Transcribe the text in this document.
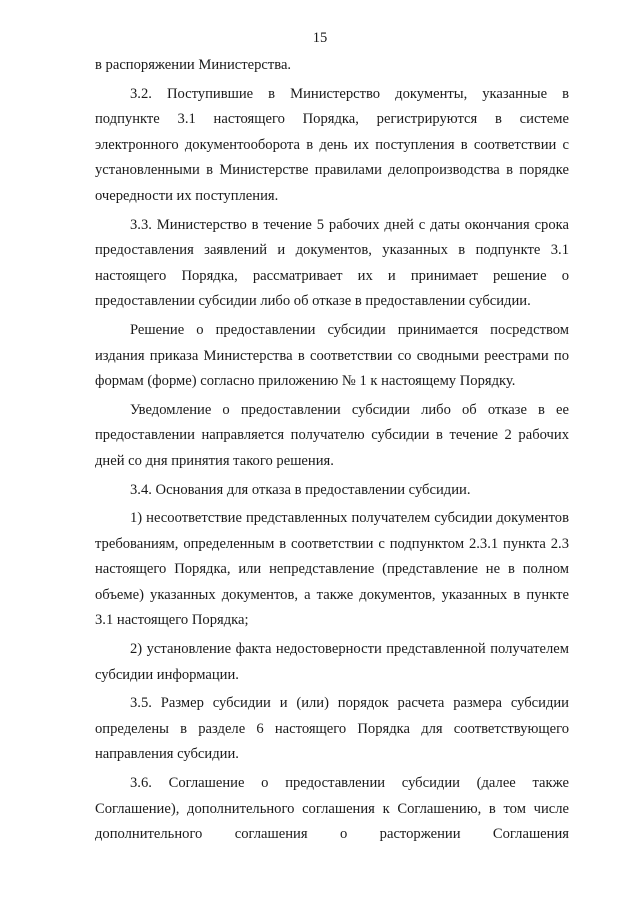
15

в распоряжении Министерства.

3.2. Поступившие в Министерство документы, указанные в подпункте 3.1 настоящего Порядка, регистрируются в системе электронного документооборота в день их поступления в соответствии с установленными в Министерстве правилами делопроизводства в порядке очередности их поступления.

3.3. Министерство в течение 5 рабочих дней с даты окончания срока предоставления заявлений и документов, указанных в подпункте 3.1 настоящего Порядка, рассматривает их и принимает решение о предоставлении субсидии либо об отказе в предоставлении субсидии.

Решение о предоставлении субсидии принимается посредством издания приказа Министерства в соответствии со сводными реестрами по формам (форме) согласно приложению № 1 к настоящему Порядку.

Уведомление о предоставлении субсидии либо об отказе в ее предоставлении направляется получателю субсидии в течение 2 рабочих дней со дня принятия такого решения.

3.4. Основания для отказа в предоставлении субсидии.

1) несоответствие представленных получателем субсидии документов требованиям, определенным в соответствии с подпунктом 2.3.1 пункта 2.3 настоящего Порядка, или непредставление (представление не в полном объеме) указанных документов, а также документов, указанных в пункте 3.1 настоящего Порядка;

2) установление факта недостоверности представленной получателем субсидии информации.

3.5. Размер субсидии и (или) порядок расчета размера субсидии определены в разделе 6 настоящего Порядка для соответствующего направления субсидии.

3.6. Соглашение о предоставлении субсидии (далее также Соглашение), дополнительного соглашения к Соглашению, в том числе дополнительного соглашения о расторжении Соглашения
